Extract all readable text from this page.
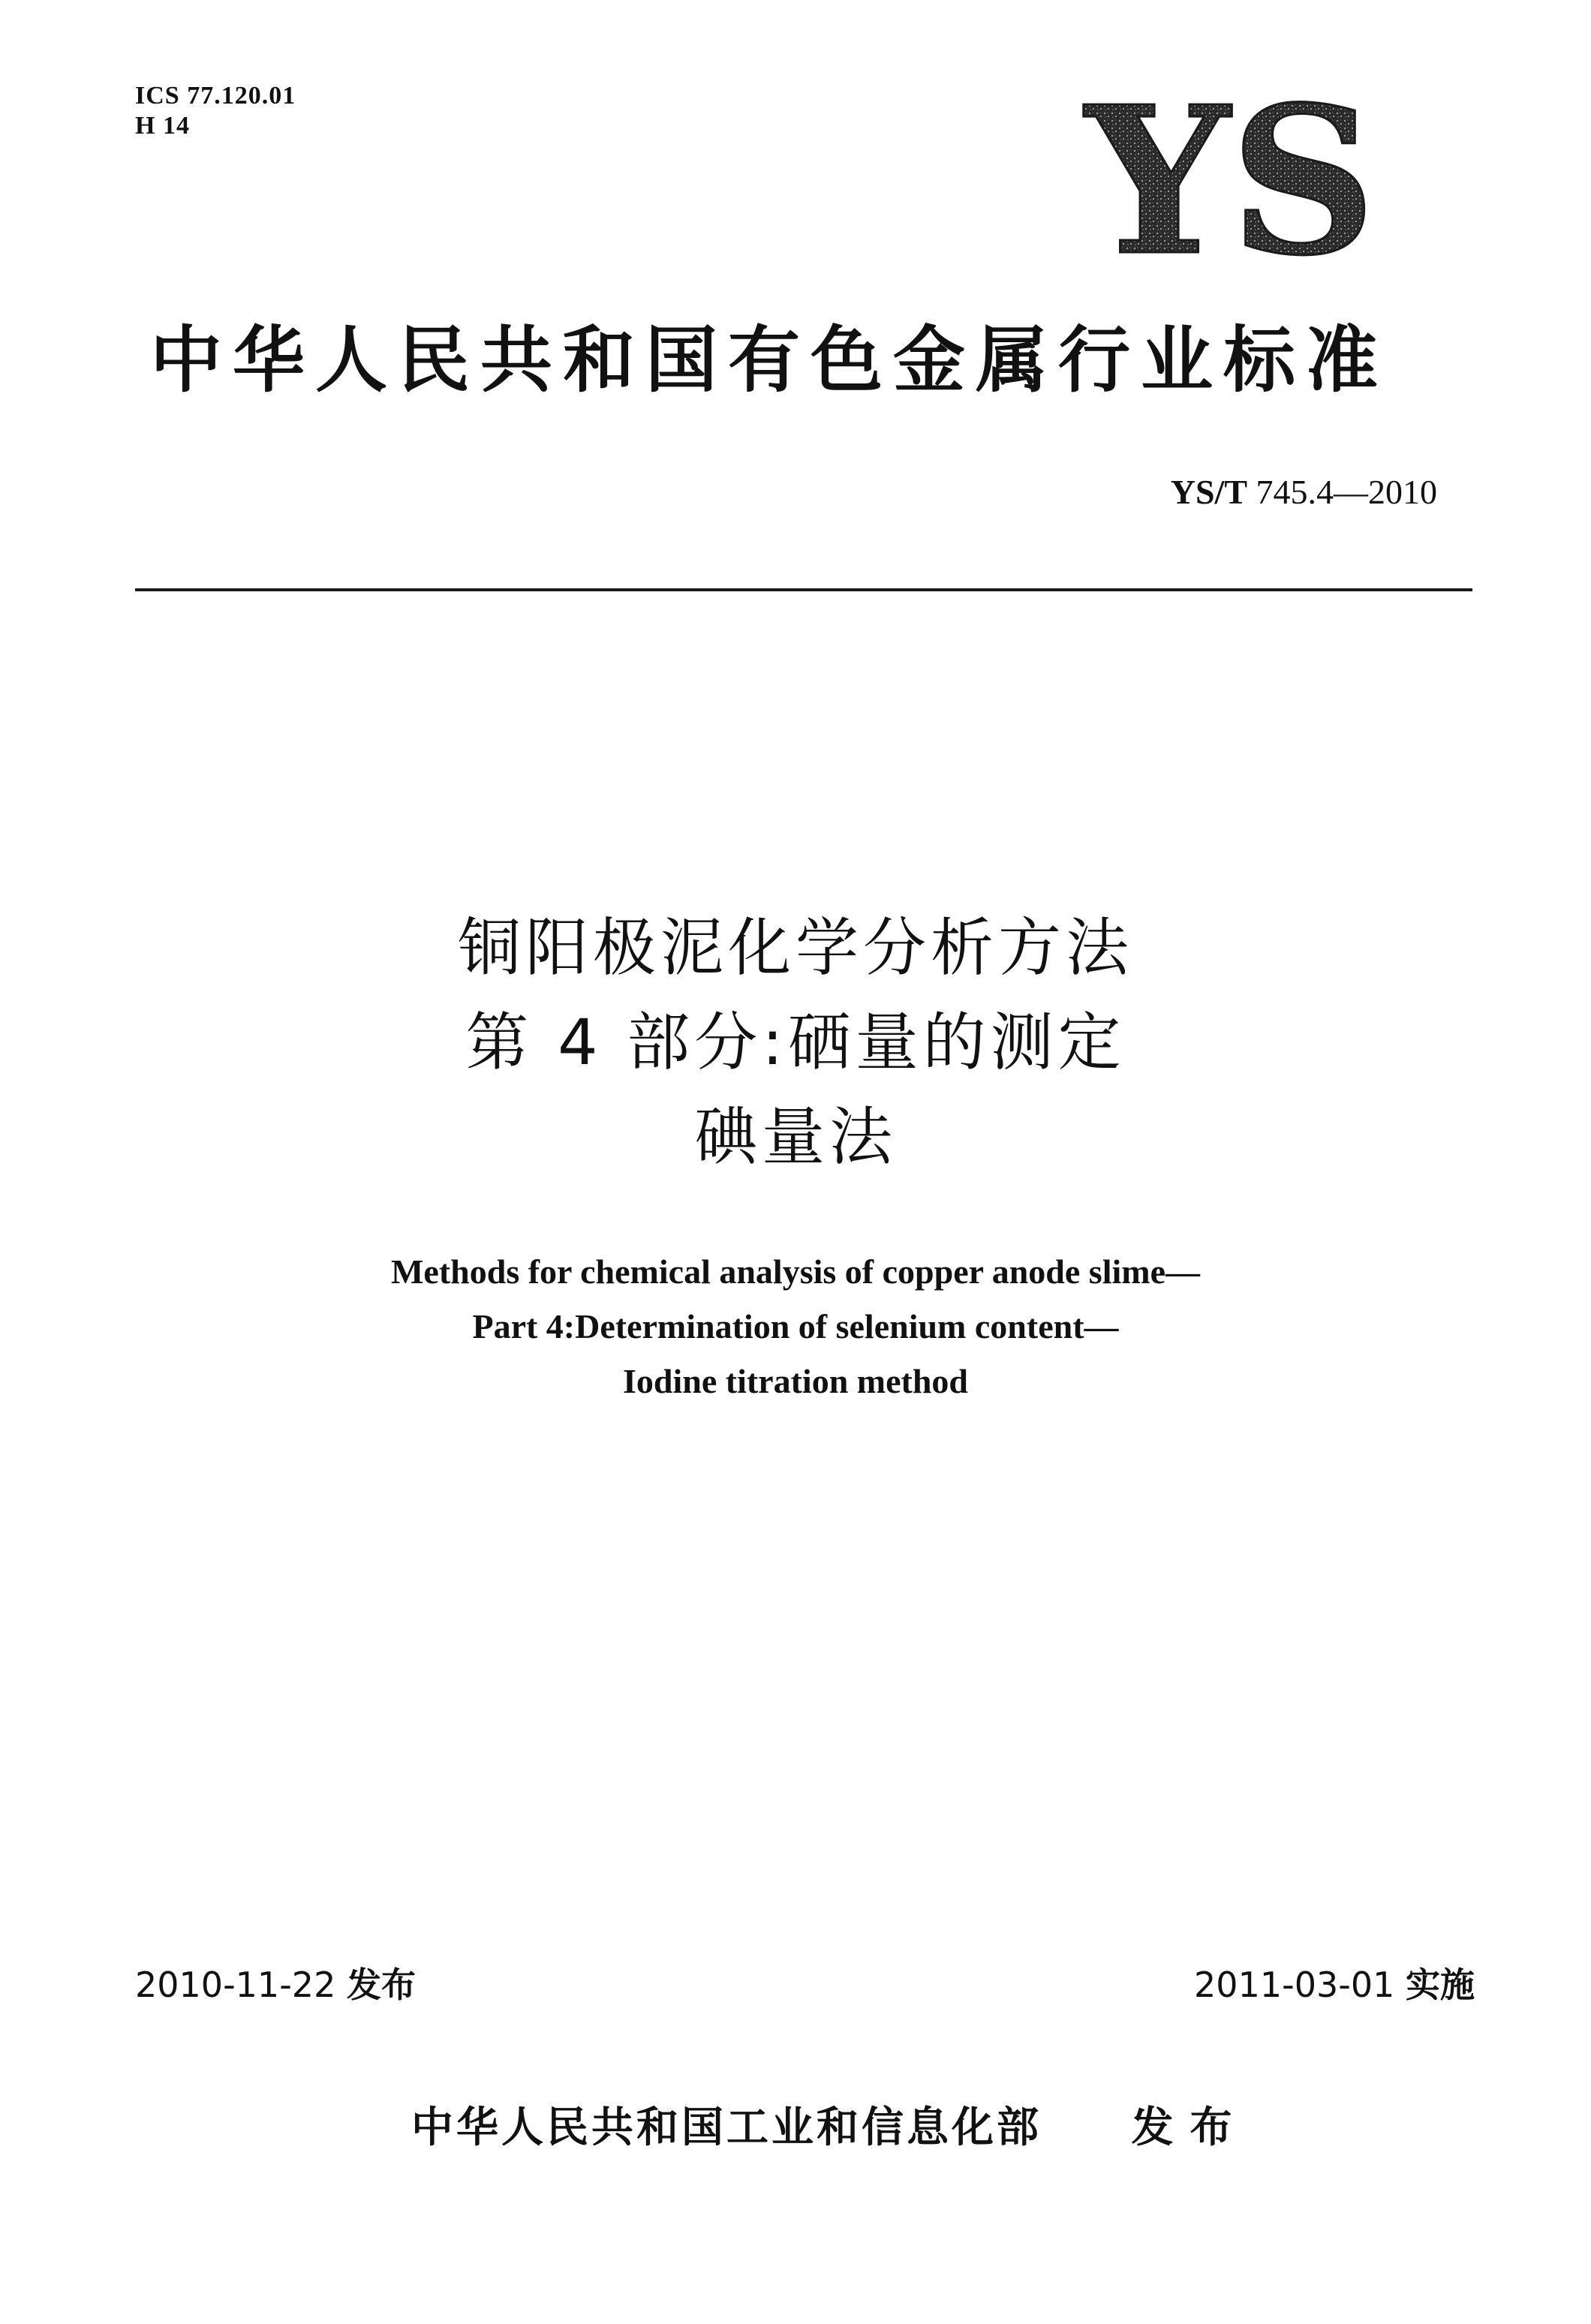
ICS 77.120.01
H 14	YS
中华人民共和国有色金属行业标准
YS/T 745.4—2010
铜阳极泥化学分析方法
第 4 部分:硒量的测定
碘量法
Methods for chemical analysis of copper anode slime—
Part 4:Determination of selenium content—
Iodine titration method
2010-11-22 发布	2011-03-01 实施
中华人民共和国工业和信息化部 发布
